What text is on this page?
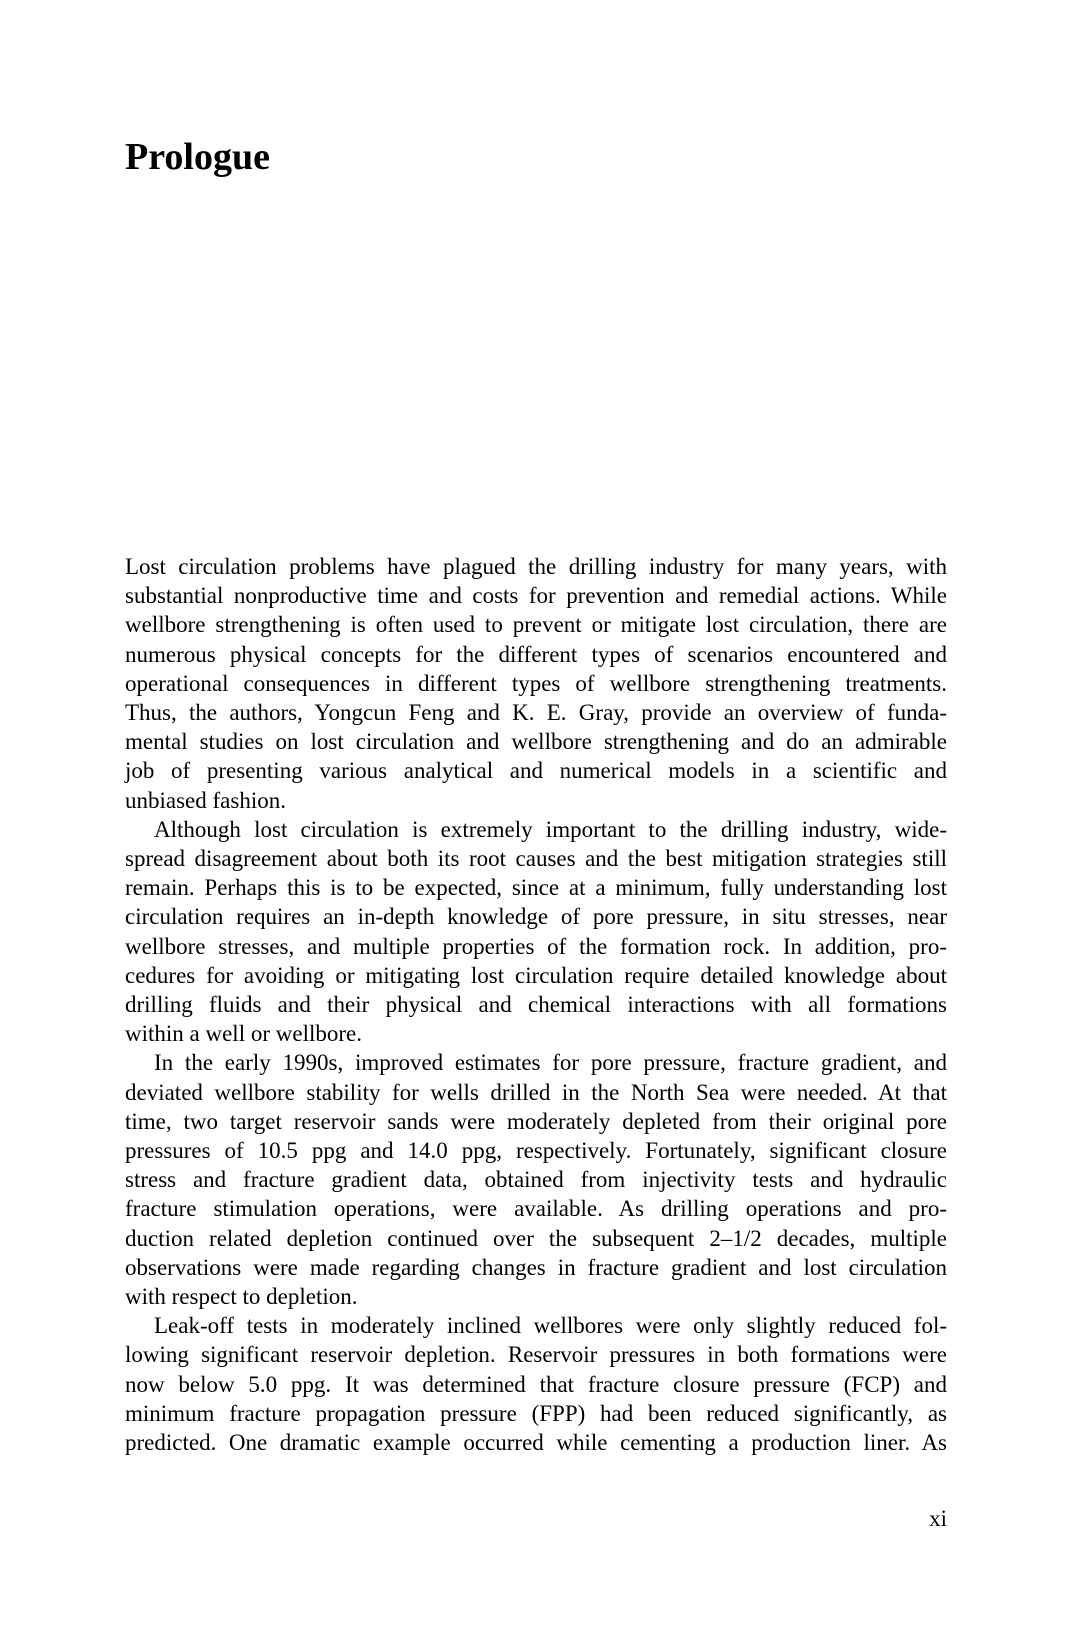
Prologue
Lost circulation problems have plagued the drilling industry for many years, with
substantial nonproductive time and costs for prevention and remedial actions. While
wellbore strengthening is often used to prevent or mitigate lost circulation, there are
numerous physical concepts for the different types of scenarios encountered and
operational consequences in different types of wellbore strengthening treatments.
Thus, the authors, Yongcun Feng and K. E. Gray, provide an overview of funda-
mental studies on lost circulation and wellbore strengthening and do an admirable
job of presenting various analytical and numerical models in a scientific and
unbiased fashion.
Although lost circulation is extremely important to the drilling industry, wide-
spread disagreement about both its root causes and the best mitigation strategies still
remain. Perhaps this is to be expected, since at a minimum, fully understanding lost
circulation requires an in-depth knowledge of pore pressure, in situ stresses, near
wellbore stresses, and multiple properties of the formation rock. In addition, pro-
cedures for avoiding or mitigating lost circulation require detailed knowledge about
drilling fluids and their physical and chemical interactions with all formations
within a well or wellbore.
In the early 1990s, improved estimates for pore pressure, fracture gradient, and
deviated wellbore stability for wells drilled in the North Sea were needed. At that
time, two target reservoir sands were moderately depleted from their original pore
pressures of 10.5 ppg and 14.0 ppg, respectively. Fortunately, significant closure
stress and fracture gradient data, obtained from injectivity tests and hydraulic
fracture stimulation operations, were available. As drilling operations and pro-
duction related depletion continued over the subsequent 2–1/2 decades, multiple
observations were made regarding changes in fracture gradient and lost circulation
with respect to depletion.
Leak-off tests in moderately inclined wellbores were only slightly reduced fol-
lowing significant reservoir depletion. Reservoir pressures in both formations were
now below 5.0 ppg. It was determined that fracture closure pressure (FCP) and
minimum fracture propagation pressure (FPP) had been reduced significantly, as
predicted. One dramatic example occurred while cementing a production liner. As
xi
